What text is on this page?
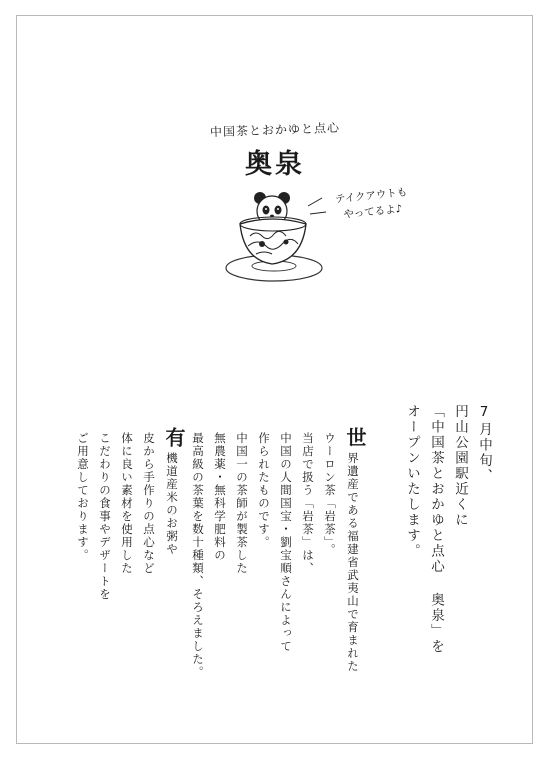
中国茶とおかゆと点心
奥泉
テイクアウトも
やってるよ♪
7月中旬、
円山公園駅近くに
「中国茶とおかゆと点心 奥泉」を
オープンいたします。
世
界遺産である福建省武夷山で育まれた
ウーロン茶「岩茶」。
当店で扱う「岩茶」は、
中国の人間国宝・劉宝順さんによって
作られたものです。
中国一の茶師が製茶した
無農薬・無科学肥料の
最高級の茶葉を数十種類、そろえました。
有
機道産米のお粥や
皮から手作りの点心など
体に良い素材を使用した
こだわりの食事やデザートを
ご用意しております。
